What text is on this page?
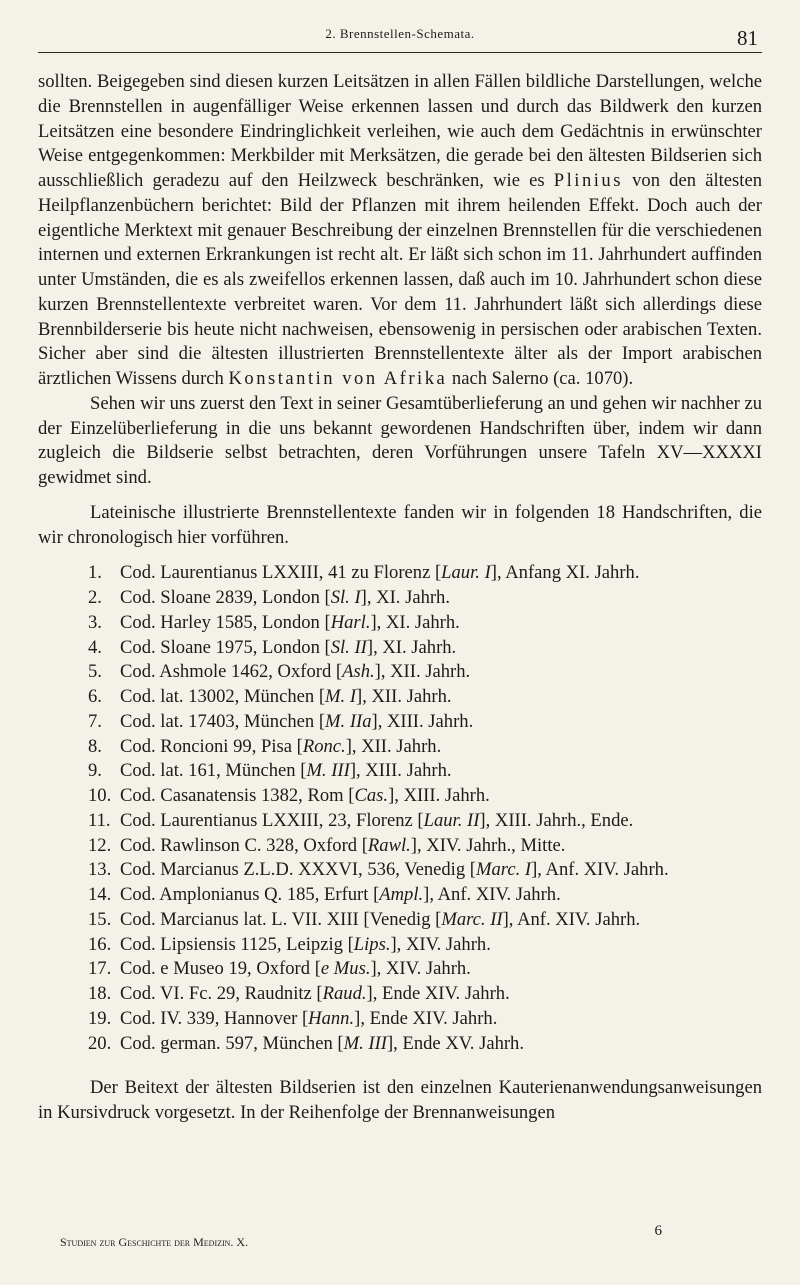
2. Brennstellen-Schemata.	81

sollten. Beigegeben sind diesen kurzen Leitsätzen in allen Fällen bildliche Darstellungen, welche die Brennstellen in augenfälliger Weise erkennen lassen und durch das Bildwerk den kurzen Leitsätzen eine besondere Eindringlichkeit verleihen, wie auch dem Gedächtnis in erwünschter Weise entgegenkommen: Merkbilder mit Merksätzen, die gerade bei den ältesten Bildserien sich ausschließlich geradezu auf den Heilzweck beschränken, wie es Plinius von den ältesten Heilpflanzenbüchern berichtet: Bild der Pflanzen mit ihrem heilenden Effekt. Doch auch der eigentliche Merktext mit genauer Beschreibung der einzelnen Brennstellen für die verschiedenen internen und externen Erkrankungen ist recht alt. Er läßt sich schon im 11. Jahrhundert auffinden unter Umständen, die es als zweifellos erkennen lassen, daß auch im 10. Jahrhundert schon diese kurzen Brennstellentexte verbreitet waren. Vor dem 11. Jahrhundert läßt sich allerdings diese Brennbilderserie bis heute nicht nachweisen, ebensowenig in persischen oder arabischen Texten. Sicher aber sind die ältesten illustrierten Brennstellentexte älter als der Import arabischen ärztlichen Wissens durch Konstantin von Afrika nach Salerno (ca. 1070).

Sehen wir uns zuerst den Text in seiner Gesamtüberlieferung an und gehen wir nachher zu der Einzelüberlieferung in die uns bekannt gewordenen Handschriften über, indem wir dann zugleich die Bildserie selbst betrachten, deren Vorführungen unsere Tafeln XV—XXXXI gewidmet sind.

Lateinische illustrierte Brennstellentexte fanden wir in folgenden 18 Handschriften, die wir chronologisch hier vorführen.

1. Cod. Laurentianus LXXIII, 41 zu Florenz [Laur. I], Anfang XI. Jahrh.
2. Cod. Sloane 2839, London [Sl. I], XI. Jahrh.
3. Cod. Harley 1585, London [Harl.], XI. Jahrh.
4. Cod. Sloane 1975, London [Sl. II], XI. Jahrh.
5. Cod. Ashmole 1462, Oxford [Ash.], XII. Jahrh.
6. Cod. lat. 13002, München [M. I], XII. Jahrh.
7. Cod. lat. 17403, München [M. IIa], XIII. Jahrh.
8. Cod. Roncioni 99, Pisa [Ronc.], XII. Jahrh.
9. Cod. lat. 161, München [M. III], XIII. Jahrh.
10. Cod. Casanatensis 1382, Rom [Cas.], XIII. Jahrh.
11. Cod. Laurentianus LXXIII, 23, Florenz [Laur. II], XIII. Jahrh., Ende.
12. Cod. Rawlinson C. 328, Oxford [Rawl.], XIV. Jahrh., Mitte.
13. Cod. Marcianus Z.L.D. XXXVI, 536, Venedig [Marc. I], Anf. XIV. Jahrh.
14. Cod. Amplonianus Q. 185, Erfurt [Ampl.], Anf. XIV. Jahrh.
15. Cod. Marcianus lat. L. VII. XIII [Venedig [Marc. II], Anf. XIV. Jahrh.
16. Cod. Lipsiensis 1125, Leipzig [Lips.], XIV. Jahrh.
17. Cod. e Museo 19, Oxford [e Mus.], XIV. Jahrh.
18. Cod. VI. Fc. 29, Raudnitz [Raud.], Ende XIV. Jahrh.
19. Cod. IV. 339, Hannover [Hann.], Ende XIV. Jahrh.
20. Cod. german. 597, München [M. III], Ende XV. Jahrh.

Der Beitext der ältesten Bildserien ist den einzelnen Kauterienanwendungsanweisungen in Kursivdruck vorgesetzt. In der Reihenfolge der Brennanweisungen

Studien zur Geschichte der Medizin. X.
6
